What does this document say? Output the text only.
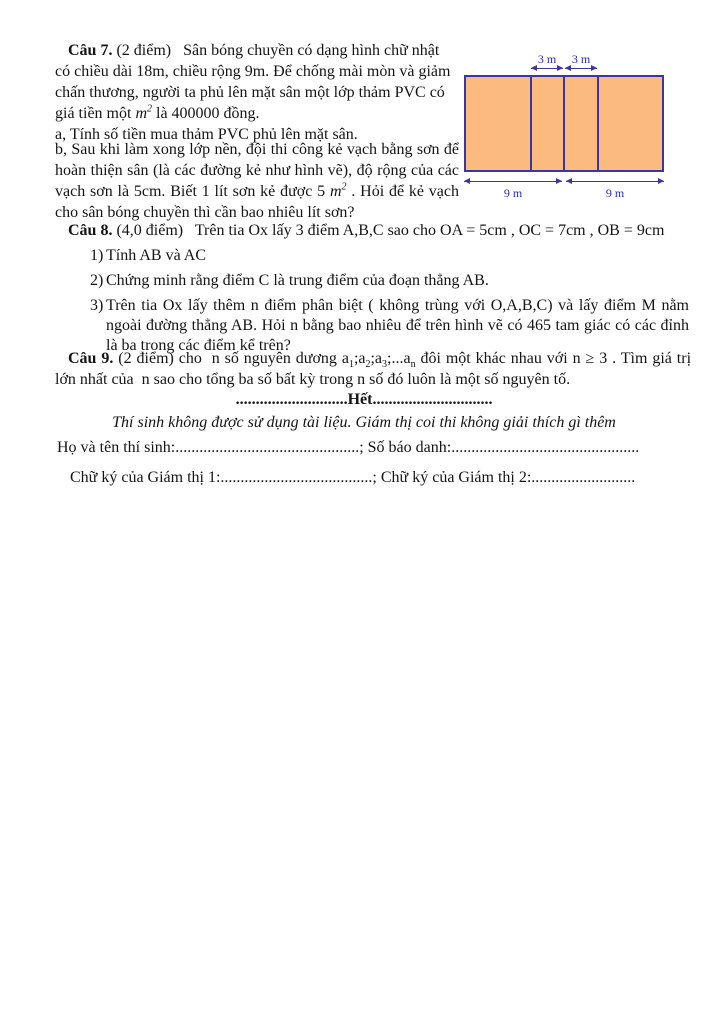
Câu 7. (2 điểm)   Sân bóng chuyền có dạng hình chữ nhật có chiều dài 18m, chiều rộng 9m. Để chống mài mòn và giảm chấn thương, người ta phủ lên mặt sân một lớp thảm PVC có giá tiền một $m^2$ là 400000 đồng.
a, Tính số tiền mua thảm PVC phủ lên mặt sân.
b, Sau khi làm xong lớp nền, đội thi công kẻ vạch bằng sơn để hoàn thiện sân (là các đường kẻ như hình vẽ), độ rộng của các vạch sơn là 5cm. Biết 1 lít sơn kẻ được 5 $m^2$ . Hỏi để kẻ vạch cho sân bóng chuyền thì cần bao nhiêu lít sơn?
3 m	3 m
9 m	9 m
Câu 8. (4,0 điểm)   Trên tia Ox lấy 3 điểm A,B,C sao cho OA = 5cm , OC = 7cm , OB = 9cm
1) Tính AB và AC
2) Chứng minh rằng điểm C là trung điểm của đoạn thẳng AB.
3) Trên tia Ox lấy thêm n điểm phân biệt ( không trùng với O,A,B,C) và lấy điểm M nằm ngoài đường thẳng AB. Hỏi n bằng bao nhiêu để trên hình vẽ có 465 tam giác có các đỉnh là ba trong các điểm kể trên?
Câu 9. (2 điểm) cho  n số nguyên dương $a_1;a_2;a_3;...a_n$ đôi một khác nhau với n ≥ 3 . Tìm giá trị lớn nhất của  n sao cho tổng ba số bất kỳ trong n số đó luôn là một số nguyên tố.
............................Hết..............................
Thí sinh không được sử dụng tài liệu. Giám thị coi thi không giải thích gì thêm
Họ và tên thí sinh:..............................................; Số báo danh:...............................................
Chữ ký của Giám thị 1:......................................; Chữ ký của Giám thị 2:..........................
